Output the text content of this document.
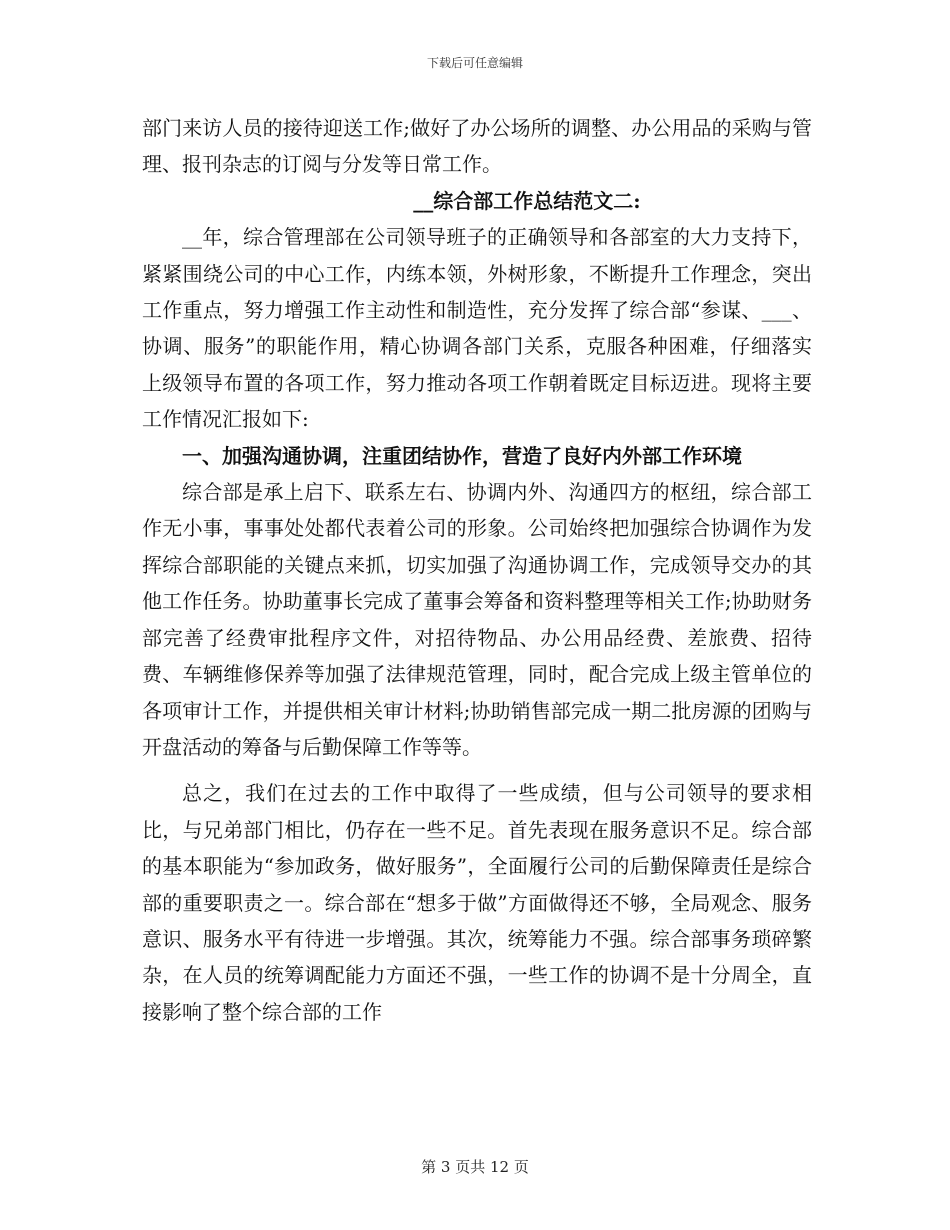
下载后可任意编辑

部门来访人员的接待迎送工作;做好了办公场所的调整、办公用品的采购与管理、报刊杂志的订阅与分发等日常工作。

__综合部工作总结范文二:

__年，综合管理部在公司领导班子的正确领导和各部室的大力支持下，紧紧围绕公司的中心工作，内练本领，外树形象，不断提升工作理念，突出工作重点，努力增强工作主动性和制造性，充分发挥了综合部“参谋、___、协调、服务”的职能作用，精心协调各部门关系，克服各种困难，仔细落实上级领导布置的各项工作，努力推动各项工作朝着既定目标迈进。现将主要工作情况汇报如下:

一、加强沟通协调，注重团结协作，营造了良好内外部工作环境

综合部是承上启下、联系左右、协调内外、沟通四方的枢纽，综合部工作无小事，事事处处都代表着公司的形象。公司始终把加强综合协调作为发挥综合部职能的关键点来抓，切实加强了沟通协调工作，完成领导交办的其他工作任务。协助董事长完成了董事会筹备和资料整理等相关工作;协助财务部完善了经费审批程序文件，对招待物品、办公用品经费、差旅费、招待费、车辆维修保养等加强了法律规范管理，同时，配合完成上级主管单位的各项审计工作，并提供相关审计材料;协助销售部完成一期二批房源的团购与开盘活动的筹备与后勤保障工作等等。

总之，我们在过去的工作中取得了一些成绩，但与公司领导的要求相比，与兄弟部门相比，仍存在一些不足。首先表现在服务意识不足。综合部的基本职能为“参加政务，做好服务”，全面履行公司的后勤保障责任是综合部的重要职责之一。综合部在“想多于做”方面做得还不够，全局观念、服务意识、服务水平有待进一步增强。其次，统筹能力不强。综合部事务琐碎繁杂，在人员的统筹调配能力方面还不强，一些工作的协调不是十分周全，直接影响了整个综合部的工作

第 3 页共 12 页
